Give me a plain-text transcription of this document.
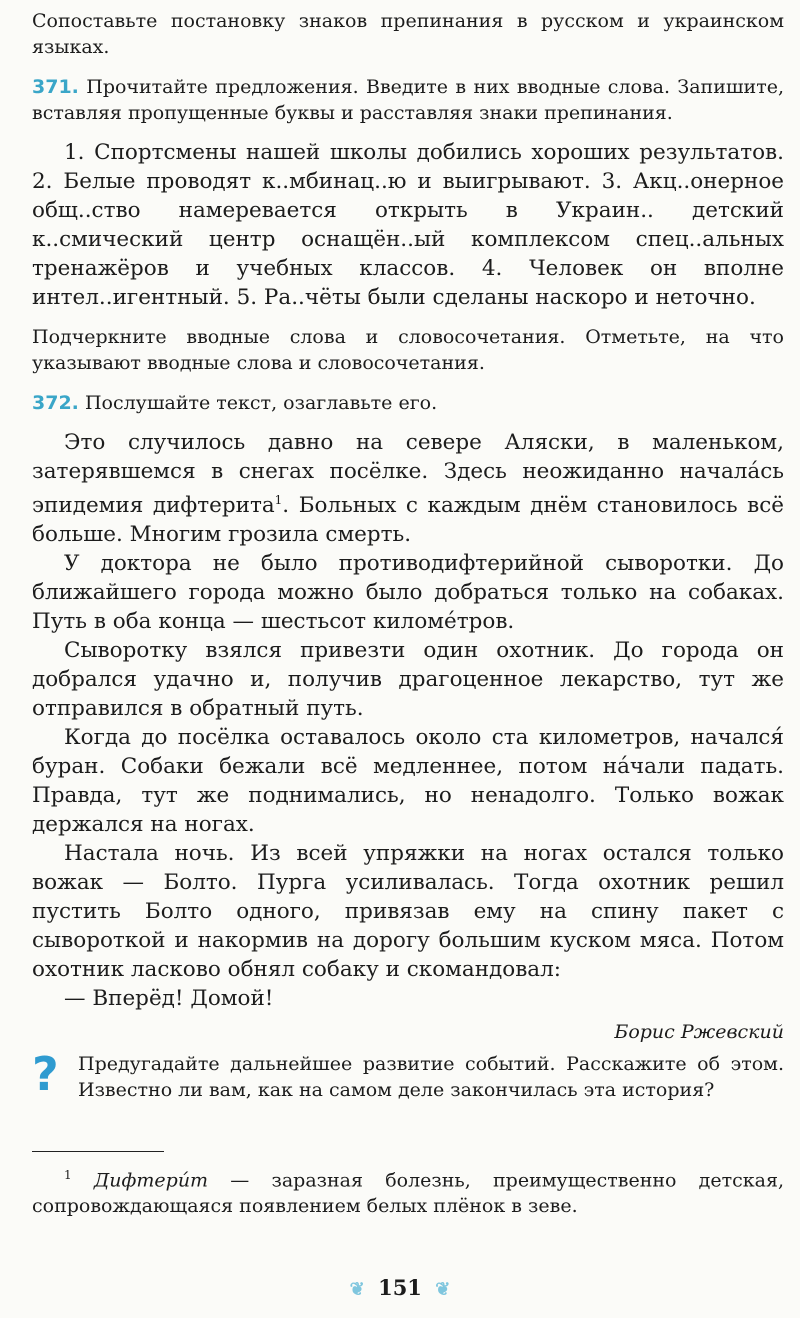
Сопоставьте постановку знаков препинания в русском и украинском языках.

371. Прочитайте предложения. Введите в них вводные слова. Запишите, вставляя пропущенные буквы и расставляя знаки препинания.

1. Спортсмены нашей школы добились хороших результатов. 2. Белые проводят к..мбинац..ю и выигрывают. 3. Акц..онерное общ..ство намеревается открыть в Украин.. детский к..смический центр оснащён..ый комплексом спец..альных тренажёров и учебных классов. 4. Человек он вполне интел..игентный. 5. Ра..чёты были сделаны наскоро и неточно.

Подчеркните вводные слова и словосочетания. Отметьте, на что указывают вводные слова и словосочетания.

372. Послушайте текст, озаглавьте его.

Это случилось давно на севере Аляски, в маленьком, затерявшемся в снегах посёлке. Здесь неожиданно начала́сь эпидемия дифтерита$^1$. Больных с каждым днём становилось всё больше. Многим грозила смерть.

У доктора не было противодифтерийной сыворотки. До ближайшего города можно было добраться только на собаках. Путь в оба конца — шестьсот киломе́тров.

Сыворотку взялся привезти один охотник. До города он добрался удачно и, получив драгоценное лекарство, тут же отправился в обратный путь.

Когда до посёлка оставалось около ста километров, начался́ буран. Собаки бежали всё медленнее, потом на́чали падать. Правда, тут же поднимались, но ненадолго. Только вожак держался на ногах.

Настала ночь. Из всей упряжки на ногах остался только вожак — Болто. Пурга усиливалась. Тогда охотник решил пустить Болто одного, привязав ему на спину пакет с сывороткой и накормив на дорогу большим куском мяса. Потом охотник ласково обнял собаку и скомандовал:

— Вперёд! Домой!

Борис Ржевский

?	Предугадайте дальнейшее развитие событий. Расскажите об этом. Известно ли вам, как на самом деле закончилась эта история?

$^1$ Дифтери́т — заразная болезнь, преимущественно детская, сопровождающаяся появлением белых плёнок в зеве.

❦ 151 ❦
